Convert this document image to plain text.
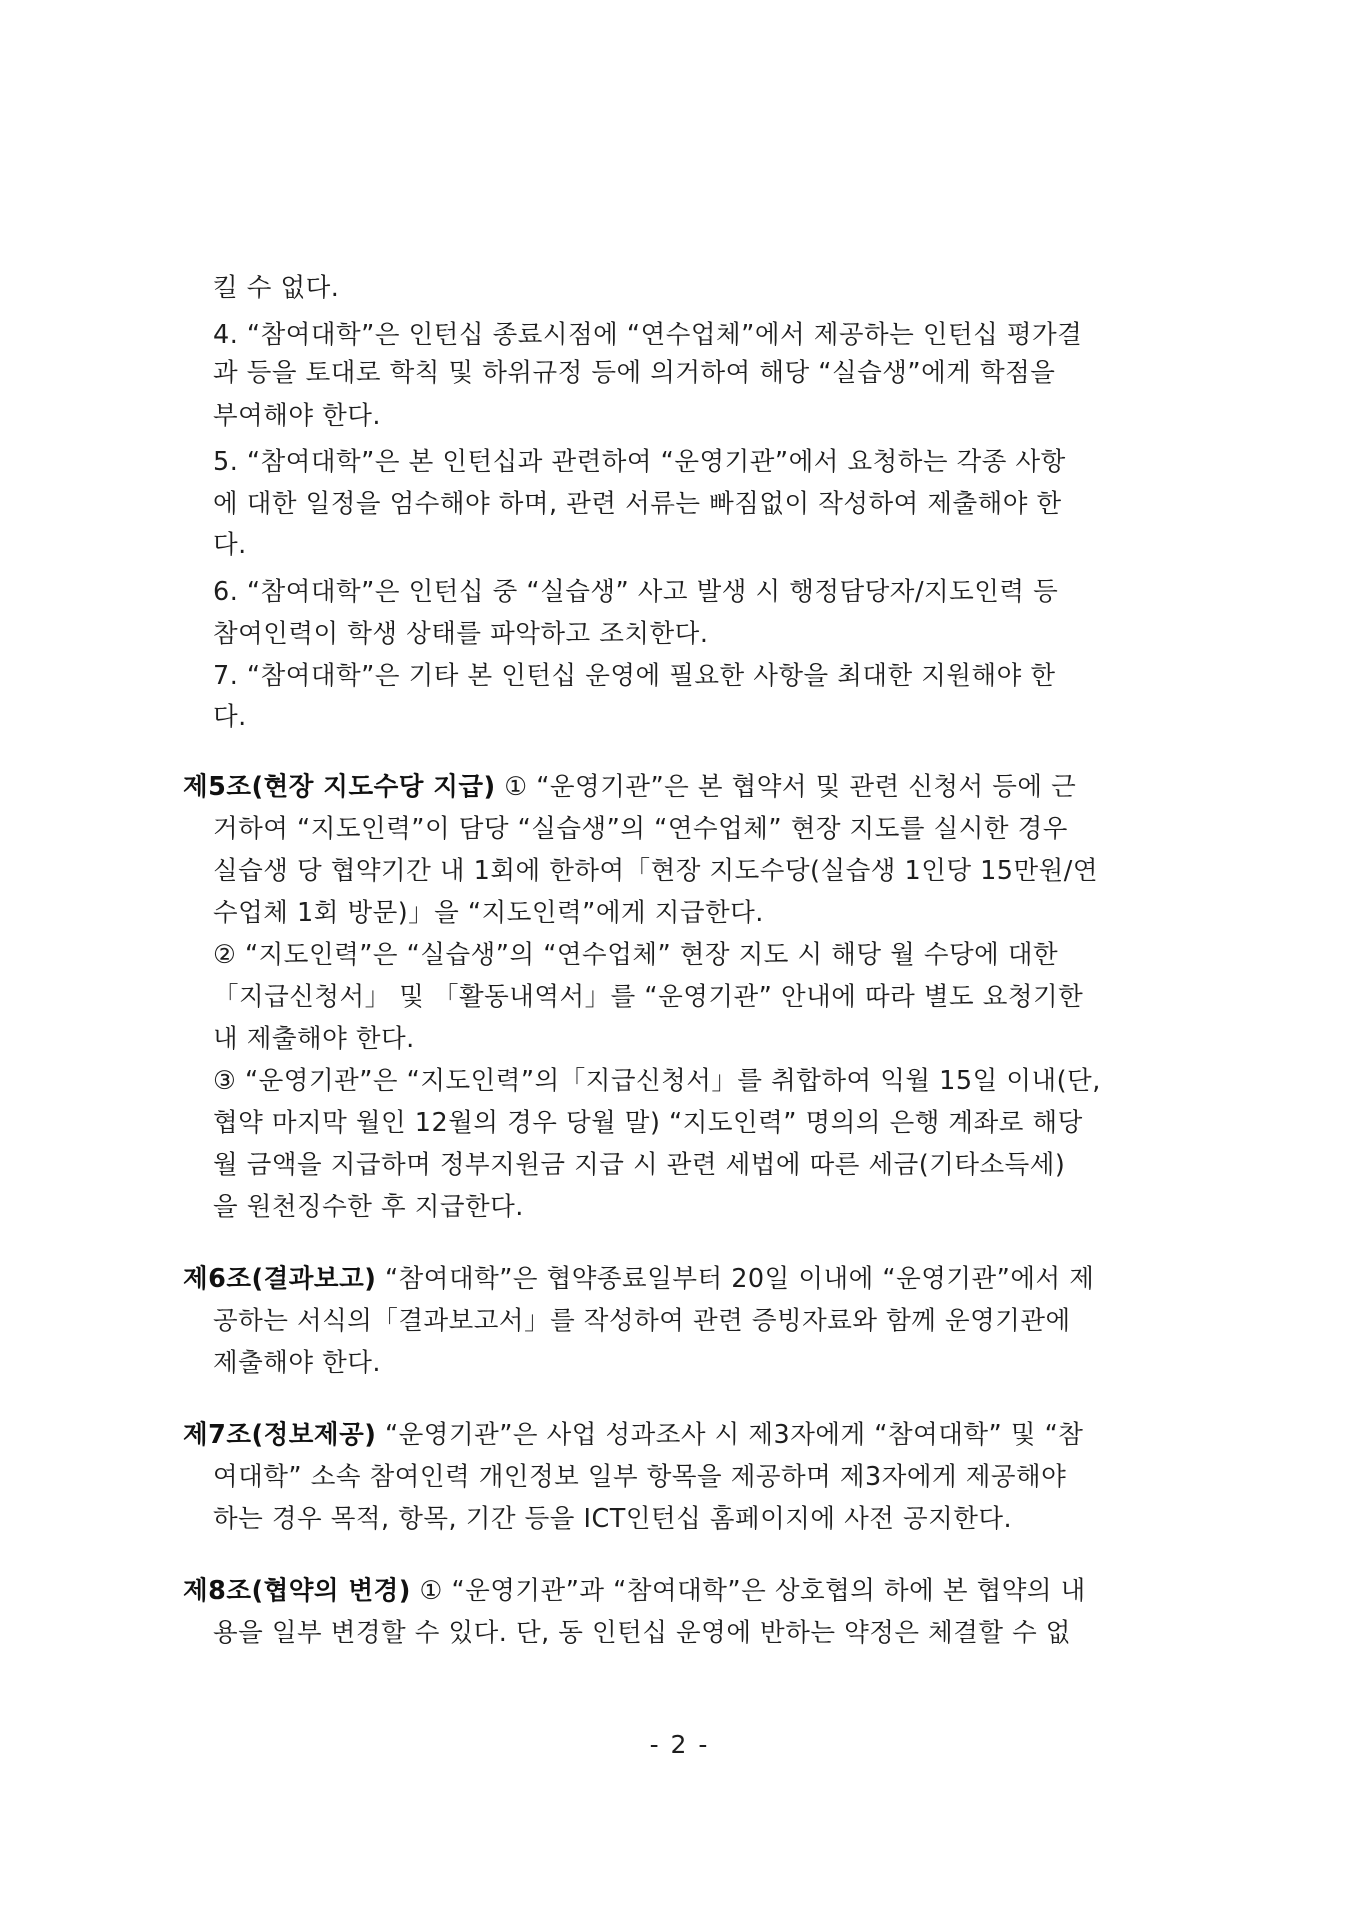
킬 수 없다.
4. “참여대학”은 인턴십 종료시점에 “연수업체”에서 제공하는 인턴십 평가결
과 등을 토대로 학칙 및 하위규정 등에 의거하여 해당 “실습생”에게 학점을
부여해야 한다.
5. “참여대학”은 본 인턴십과 관련하여 “운영기관”에서 요청하는 각종 사항
에 대한 일정을 엄수해야 하며, 관련 서류는 빠짐없이 작성하여 제출해야 한
다.
6. “참여대학”은 인턴십 중 “실습생” 사고 발생 시 행정담당자/지도인력 등
참여인력이 학생 상태를 파악하고 조치한다.
7. “참여대학”은 기타 본 인턴십 운영에 필요한 사항을 최대한 지원해야 한
다.
제5조(현장 지도수당 지급) ① “운영기관”은 본 협약서 및 관련 신청서 등에 근
거하여 “지도인력”이 담당 “실습생”의 “연수업체” 현장 지도를 실시한 경우
실습생 당 협약기간 내 1회에 한하여「현장 지도수당(실습생 1인당 15만원/연
수업체 1회 방문)」을 “지도인력”에게 지급한다.
② “지도인력”은 “실습생”의 “연수업체” 현장 지도 시 해당 월 수당에 대한
「지급신청서」 및 「활동내역서」를 “운영기관” 안내에 따라 별도 요청기한
내 제출해야 한다.
③ “운영기관”은 “지도인력”의「지급신청서」를 취합하여 익월 15일 이내(단,
협약 마지막 월인 12월의 경우 당월 말) “지도인력” 명의의 은행 계좌로 해당
월 금액을 지급하며 정부지원금 지급 시 관련 세법에 따른 세금(기타소득세)
을 원천징수한 후 지급한다.
제6조(결과보고) “참여대학”은 협약종료일부터 20일 이내에 “운영기관”에서 제
공하는 서식의「결과보고서」를 작성하여 관련 증빙자료와 함께 운영기관에
제출해야 한다.
제7조(정보제공) “운영기관”은 사업 성과조사 시 제3자에게 “참여대학” 및 “참
여대학” 소속 참여인력 개인정보 일부 항목을 제공하며 제3자에게 제공해야
하는 경우 목적, 항목, 기간 등을 ICT인턴십 홈페이지에 사전 공지한다.
제8조(협약의 변경) ① “운영기관”과 “참여대학”은 상호협의 하에 본 협약의 내
용을 일부 변경할 수 있다. 단, 동 인턴십 운영에 반하는 약정은 체결할 수 없
- 2 -
